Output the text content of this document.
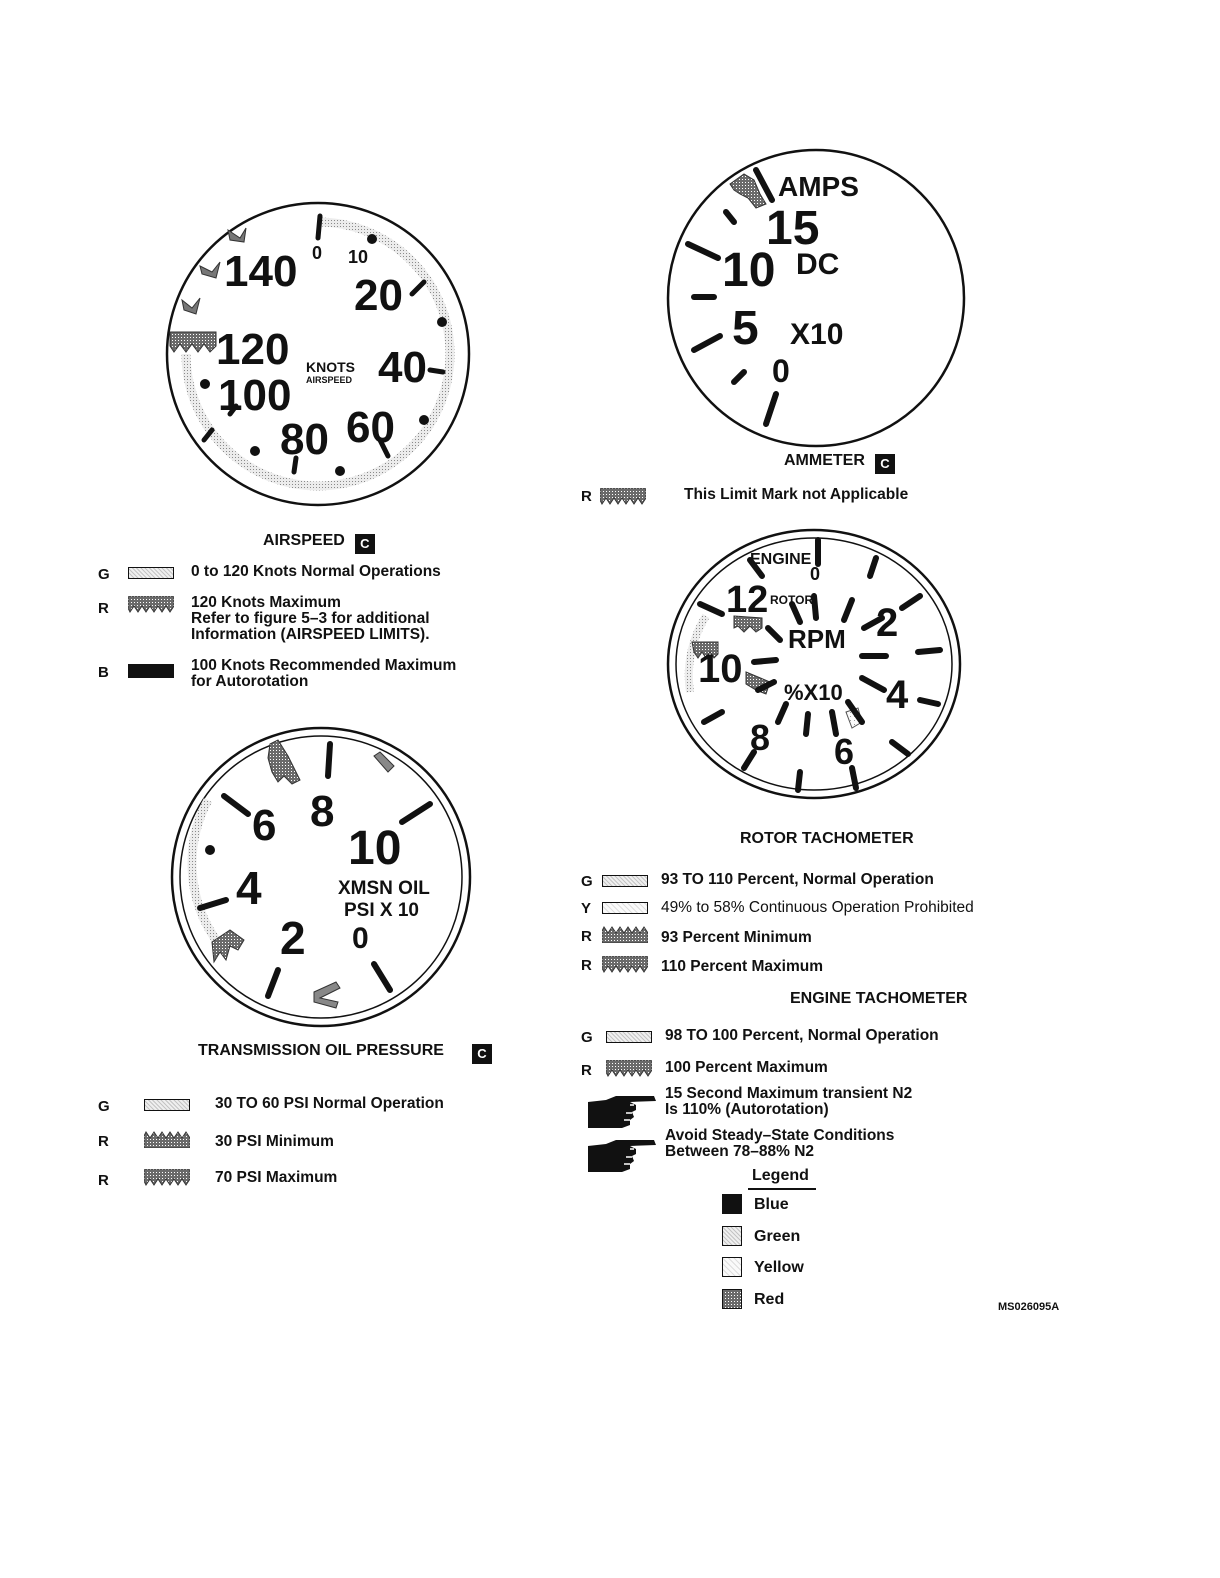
0 10
20
40
60
80
100
120
140
KNOTS
AIRSPEED
AIRSPEED C
G	0 to 120 Knots Normal Operations
R	120 Knots Maximum
Refer to figure 5–3 for additional
Information (AIRSPEED LIMITS).
B	100 Knots Recommended Maximum
for Autorotation
AMPS
15
10 DC
5 X10
0
AMMETER C
R	This Limit Mark not Applicable
ENGINE
0
12 ROTOR
2
RPM
10
%X10 4
8 6
ROTOR TACHOMETER
G	93 TO 110 Percent, Normal Operation
Y	49% to 58% Continuous Operation Prohibited
R	93 Percent Minimum
R	110 Percent Maximum
ENGINE TACHOMETER
G	98 TO 100 Percent, Normal Operation
R	100 Percent Maximum
15 Second Maximum transient N2
Is 110% (Autorotation)
Avoid Steady–State Conditions
Between 78–88% N2
8
6 10
4	XMSN OIL
PSI X 10
2 0
TRANSMISSION OIL PRESSURE	C
G	30 TO 60 PSI Normal Operation
R	30 PSI Minimum
R	70 PSI Maximum	Legend
Blue
Green
Yellow
Red	MS026095A
